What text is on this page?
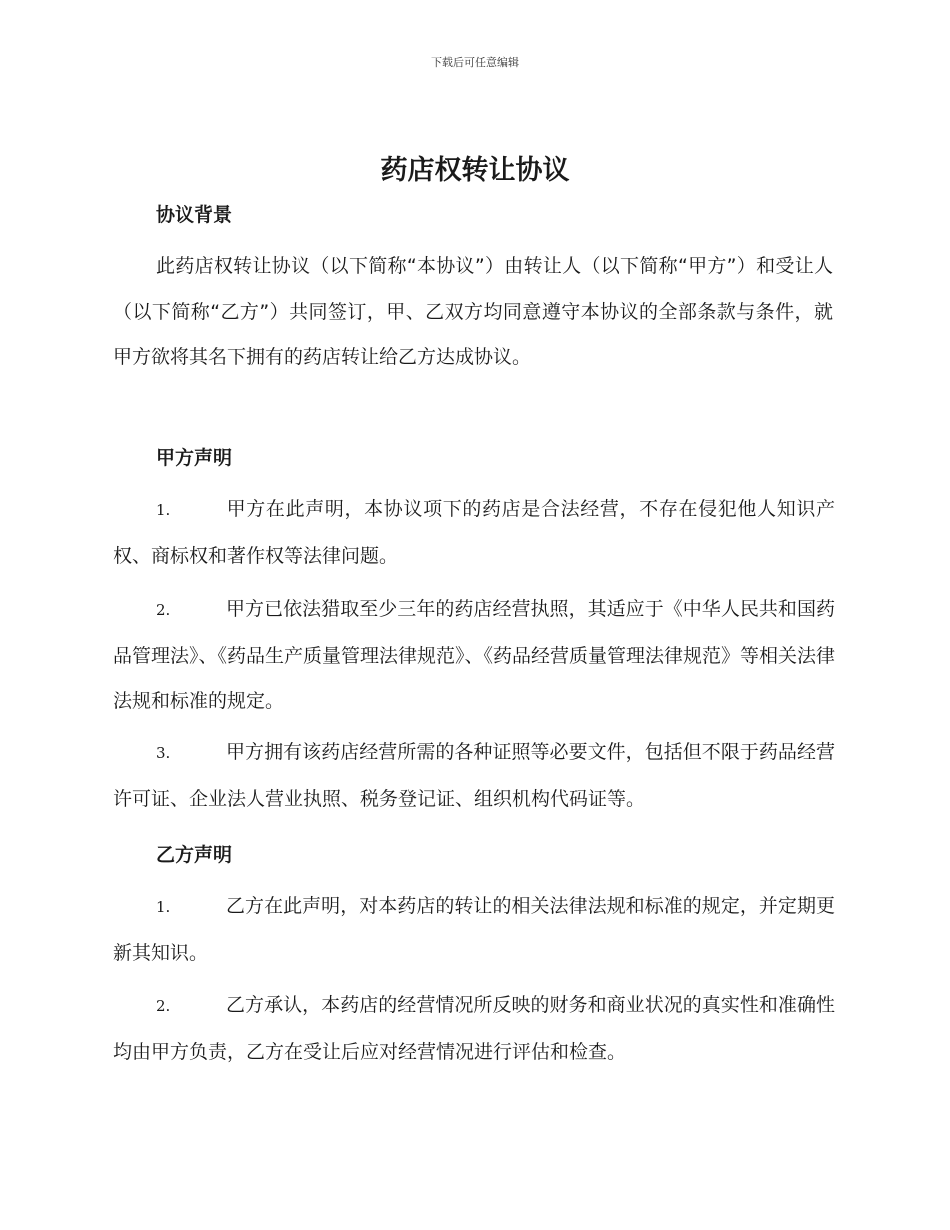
下载后可任意编辑
药店权转让协议
协议背景

此药店权转让协议（以下简称“本协议”）由转让人（以下简称“甲方”）和受让人（以下简称“乙方”）共同签订，甲、乙双方均同意遵守本协议的全部条款与条件，就甲方欲将其名下拥有的药店转让给乙方达成协议。

甲方声明

1.	甲方在此声明，本协议项下的药店是合法经营，不存在侵犯他人知识产权、商标权和著作权等法律问题。

2.	甲方已依法猎取至少三年的药店经营执照，其适应于《中华人民共和国药品管理法》、《药品生产质量管理法律规范》、《药品经营质量管理法律规范》等相关法律法规和标准的规定。

3.	甲方拥有该药店经营所需的各种证照等必要文件，包括但不限于药品经营许可证、企业法人营业执照、税务登记证、组织机构代码证等。

乙方声明

1.	乙方在此声明，对本药店的转让的相关法律法规和标准的规定，并定期更新其知识。

2.	乙方承认，本药店的经营情况所反映的财务和商业状况的真实性和准确性均由甲方负责，乙方在受让后应对经营情况进行评估和检查。
